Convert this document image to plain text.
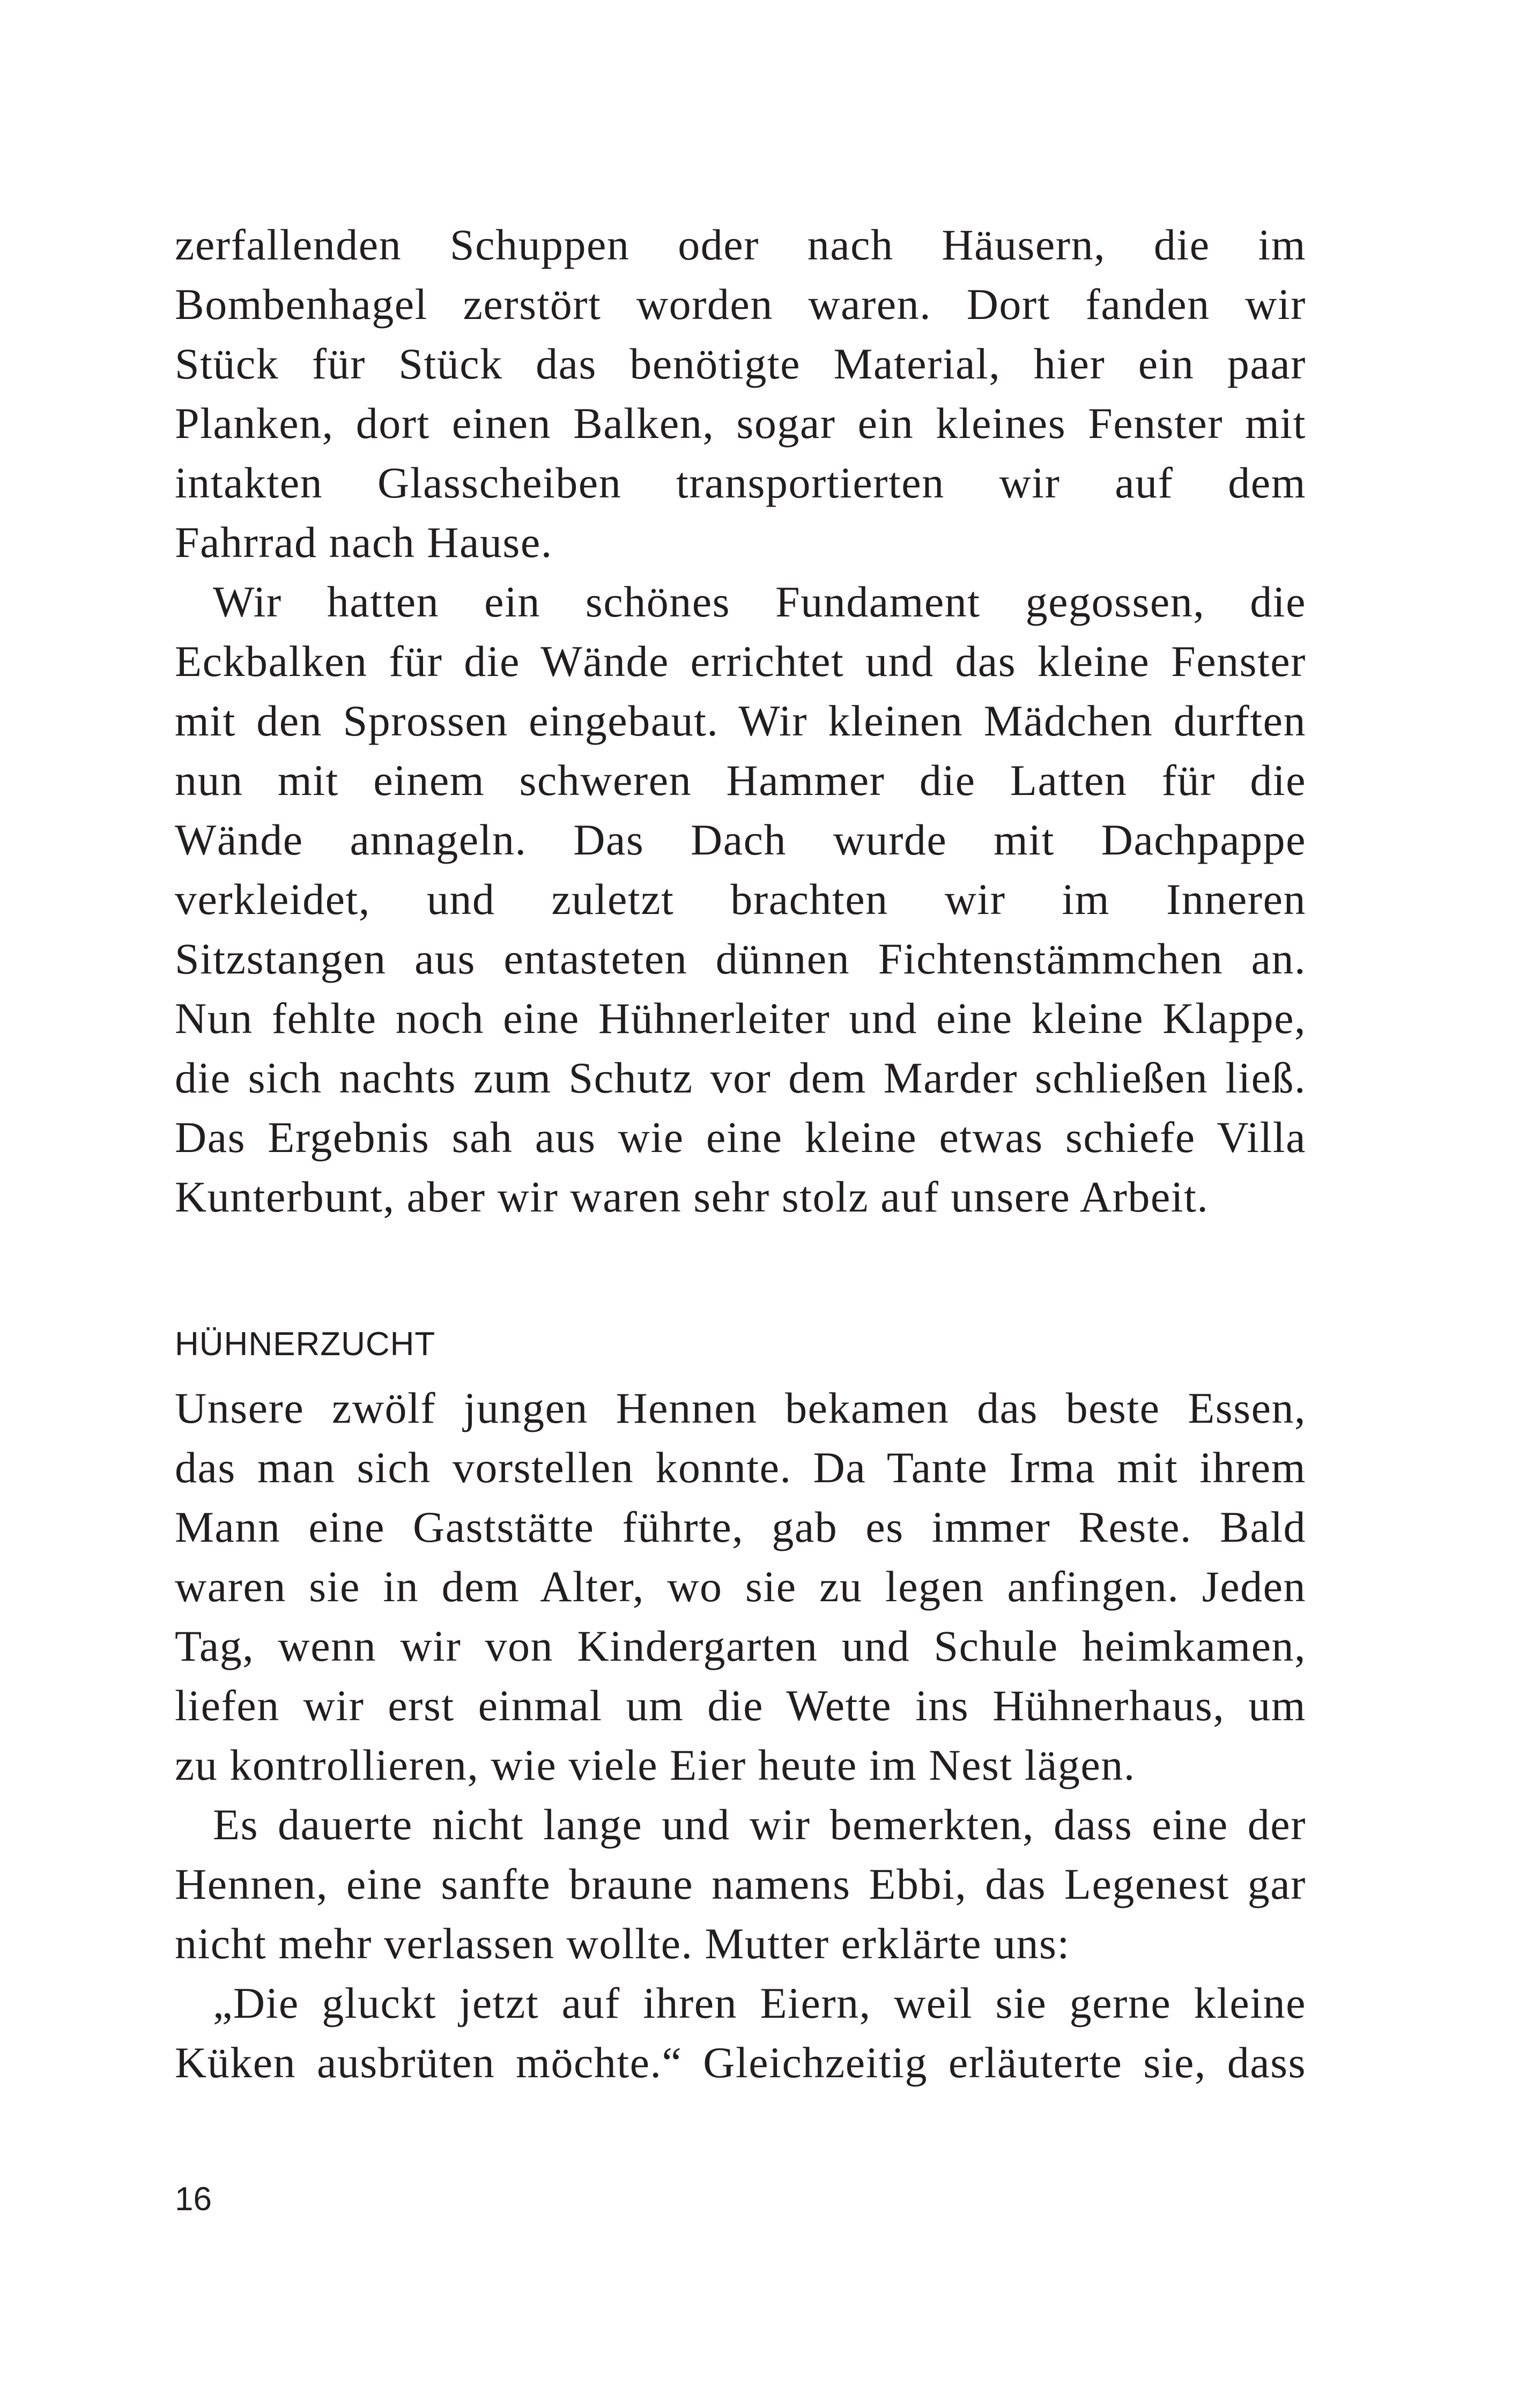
zerfallenden Schuppen oder nach Häusern, die im
Bombenhagel zerstört worden waren. Dort fanden wir
Stück für Stück das benötigte Material, hier ein paar
Planken, dort einen Balken, sogar ein kleines Fenster mit
intakten Glasscheiben transportierten wir auf dem
Fahrrad nach Hause.
Wir hatten ein schönes Fundament gegossen, die
Eckbalken für die Wände errichtet und das kleine Fenster
mit den Sprossen eingebaut. Wir kleinen Mädchen durften
nun mit einem schweren Hammer die Latten für die
Wände annageln. Das Dach wurde mit Dachpappe
verkleidet, und zuletzt brachten wir im Inneren
Sitzstangen aus entasteten dünnen Fichtenstämmchen an.
Nun fehlte noch eine Hühnerleiter und eine kleine Klappe,
die sich nachts zum Schutz vor dem Marder schließen ließ.
Das Ergebnis sah aus wie eine kleine etwas schiefe Villa
Kunterbunt, aber wir waren sehr stolz auf unsere Arbeit.
HÜHNERZUCHT
Unsere zwölf jungen Hennen bekamen das beste Essen,
das man sich vorstellen konnte. Da Tante Irma mit ihrem
Mann eine Gaststätte führte, gab es immer Reste. Bald
waren sie in dem Alter, wo sie zu legen anfingen. Jeden
Tag, wenn wir von Kindergarten und Schule heimkamen,
liefen wir erst einmal um die Wette ins Hühnerhaus, um
zu kontrollieren, wie viele Eier heute im Nest lägen.
Es dauerte nicht lange und wir bemerkten, dass eine der
Hennen, eine sanfte braune namens Ebbi, das Legenest gar
nicht mehr verlassen wollte. Mutter erklärte uns:
„Die gluckt jetzt auf ihren Eiern, weil sie gerne kleine
Küken ausbrüten möchte.“ Gleichzeitig erläuterte sie, dass
16
